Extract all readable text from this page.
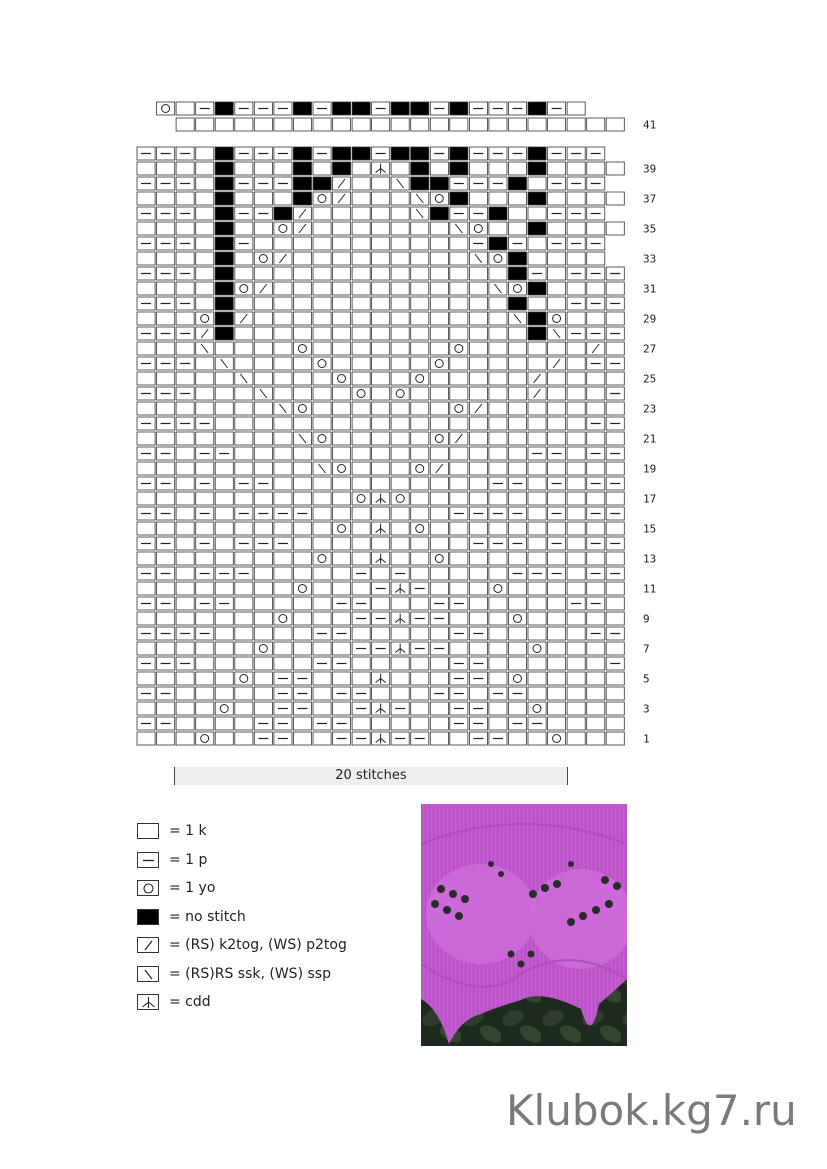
41
39
37
35
33
31
29
27
25
23
21
19
17
15
13
11
9
7
5
3
1
20 stitches
= 1 k
= 1 p
= 1 yo
= no stitch
= (RS) k2tog, (WS) p2tog
= (RS)RS ssk, (WS) ssp
= cdd
Klubok.kg7.ru
